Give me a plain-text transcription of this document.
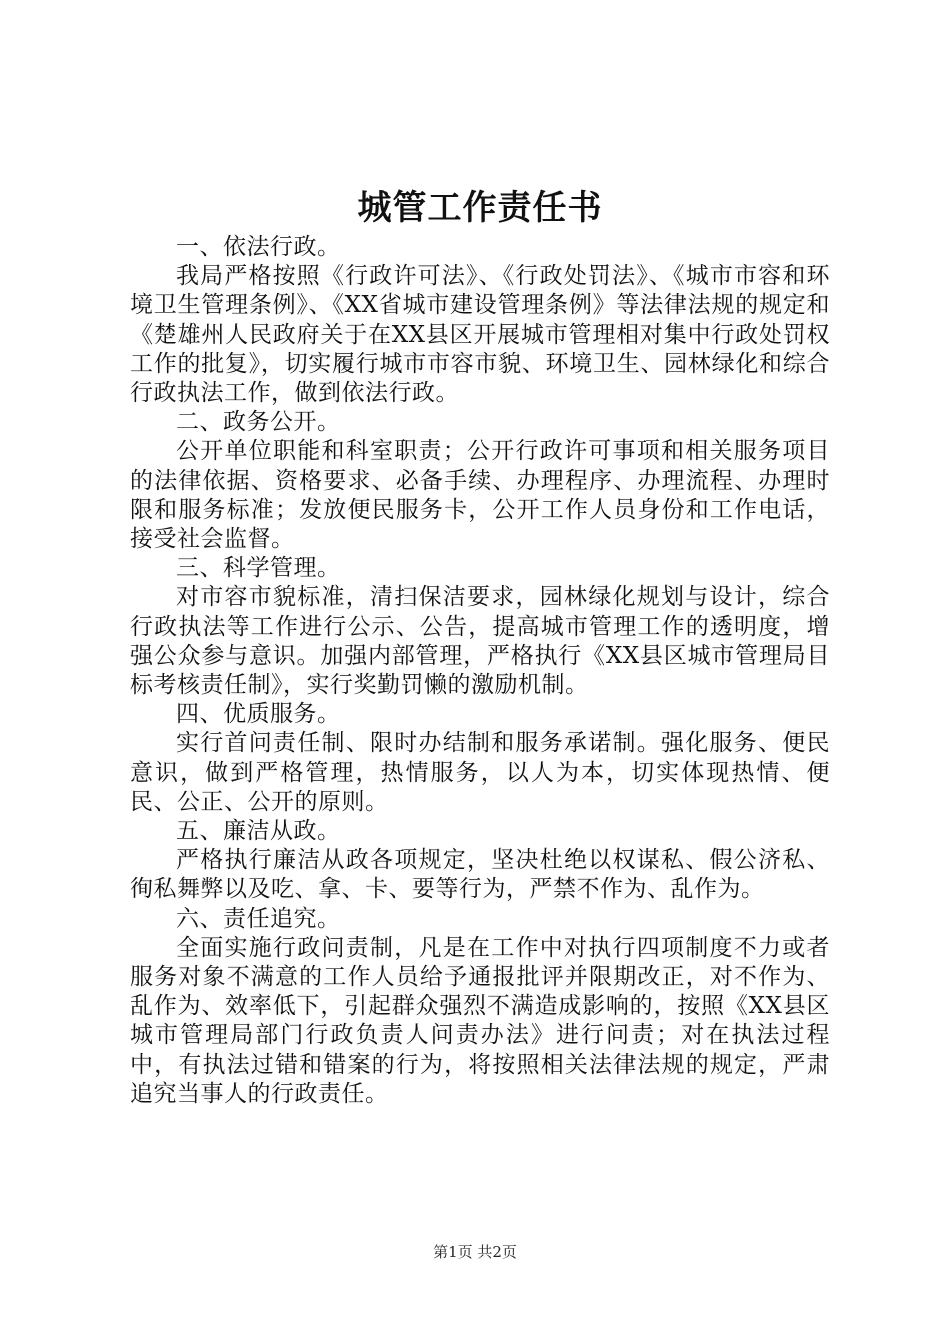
城管工作责任书

一、依法行政。

我局严格按照《行政许可法》、《行政处罚法》、《城市市容和环境卫生管理条例》、《XX省城市建设管理条例》等法律法规的规定和《楚雄州人民政府关于在XX县区开展城市管理相对集中行政处罚权工作的批复》，切实履行城市市容市貌、环境卫生、园林绿化和综合行政执法工作，做到依法行政。

二、政务公开。

公开单位职能和科室职责；公开行政许可事项和相关服务项目的法律依据、资格要求、必备手续、办理程序、办理流程、办理时限和服务标准；发放便民服务卡，公开工作人员身份和工作电话，接受社会监督。

三、科学管理。

对市容市貌标准，清扫保洁要求，园林绿化规划与设计，综合行政执法等工作进行公示、公告，提高城市管理工作的透明度，增强公众参与意识。加强内部管理，严格执行《XX县区城市管理局目标考核责任制》，实行奖勤罚懒的激励机制。

四、优质服务。

实行首问责任制、限时办结制和服务承诺制。强化服务、便民意识，做到严格管理，热情服务，以人为本，切实体现热情、便民、公正、公开的原则。

五、廉洁从政。

严格执行廉洁从政各项规定，坚决杜绝以权谋私、假公济私、徇私舞弊以及吃、拿、卡、要等行为，严禁不作为、乱作为。

六、责任追究。

全面实施行政问责制，凡是在工作中对执行四项制度不力或者服务对象不满意的工作人员给予通报批评并限期改正，对不作为、乱作为、效率低下，引起群众强烈不满造成影响的，按照《XX县区城市管理局部门行政负责人问责办法》进行问责；对在执法过程中，有执法过错和错案的行为，将按照相关法律法规的规定，严肃追究当事人的行政责任。

第1页 共2页
